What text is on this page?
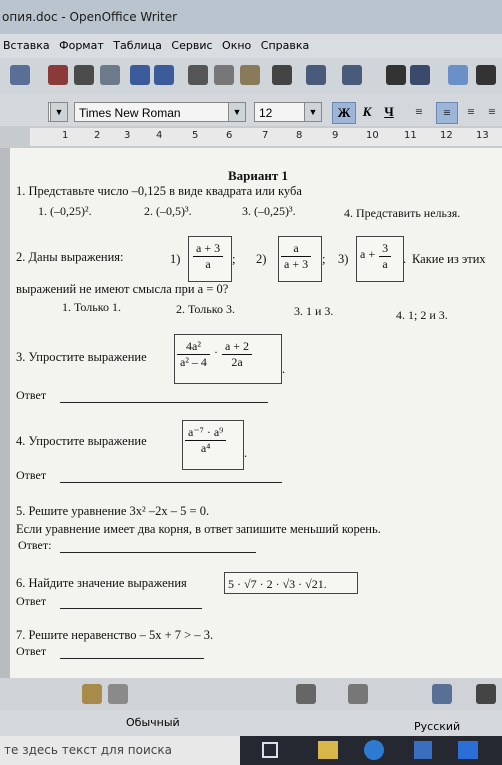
опия.doc - OpenOffice Writer
Вставка Формат Таблица Сервис Окно Справка
▼	Times New Roman	▼	12	▼	Ж К Ч	≡	≡	≡	≡
1	2 3	4	5	6	7	8	9	10	11 12 13
Вариант 1
1. Представьте число –0,125 в виде квадрата или куба
1. (–0,25)².	2. (–0,5)³.	3. (–0,25)³.	4. Представить нельзя.
2. Даны выражения:	$1) \frac{a + 3}{a}$ ; $2) \frac{a}{a + 3}$ ; 3) $a + \frac{3}{a}$ . Какие из этих
выражений не имеют смысла при а = 0?
1. Только 1.	2. Только 3.	3. 1 и 3.	4. 1; 2 и 3.
3. Упростите выражение	$\frac{\text{4a²}}{\text{a² – 4}} \cdot \frac{a + 2}{2a}$ .
Ответ
4. Упростите выражение	$\frac{\text{a⁻⁷ · a⁹}}{\text{a⁴}}$ .
Ответ
5. Решите уравнение 3x² –2x – 5 = 0.
Если уравнение имеет два корня, в ответ запишите меньший корень.
Ответ:
6. Найдите значение выражения	5 · √7 · 2 · √3 · √21.
Ответ
7. Решите неравенство – 5x + 7 > – 3.
Ответ
Обычный	Русский
те здесь текст для поиска
